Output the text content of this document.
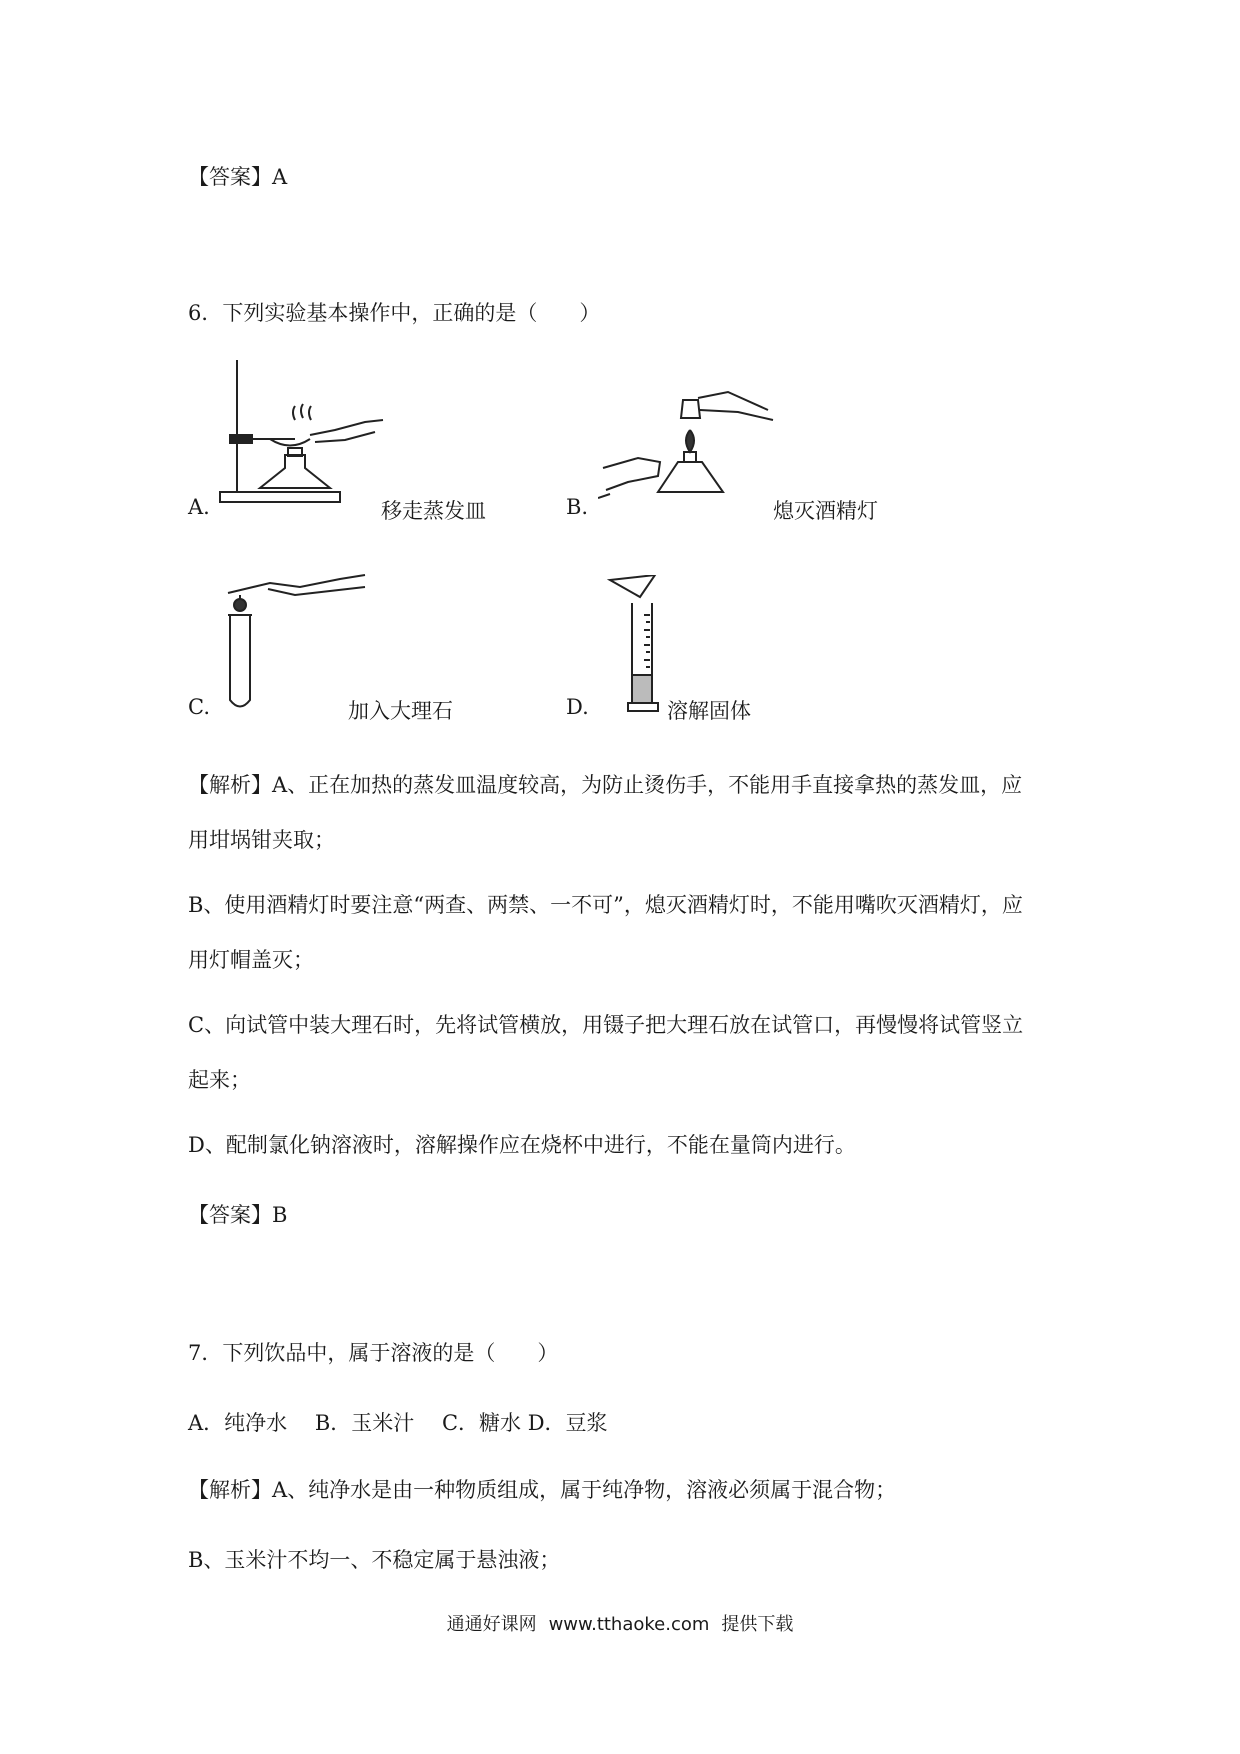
【答案】A
6．下列实验基本操作中，正确的是（　　）
A.	移走蒸发皿	B.	熄灭酒精灯
C.	加入大理石	D.	溶解固体
【解析】A、正在加热的蒸发皿温度较高，为防止烫伤手，不能用手直接拿热的蒸发皿，应
用坩埚钳夹取；
B、使用酒精灯时要注意“两查、两禁、一不可”，熄灭酒精灯时，不能用嘴吹灭酒精灯，应
用灯帽盖灭；
C、向试管中装大理石时，先将试管横放，用镊子把大理石放在试管口，再慢慢将试管竖立
起来；
D、配制氯化钠溶液时，溶解操作应在烧杯中进行，不能在量筒内进行。
【答案】B
7．下列饮品中，属于溶液的是（　　）
A．纯净水　 B．玉米汁　 C．糖水 D．豆浆
【解析】A、纯净水是由一种物质组成，属于纯净物，溶液必须属于混合物；
B、玉米汁不均一、不稳定属于悬浊液；
通通好课网 www.tthaoke.com 提供下载
